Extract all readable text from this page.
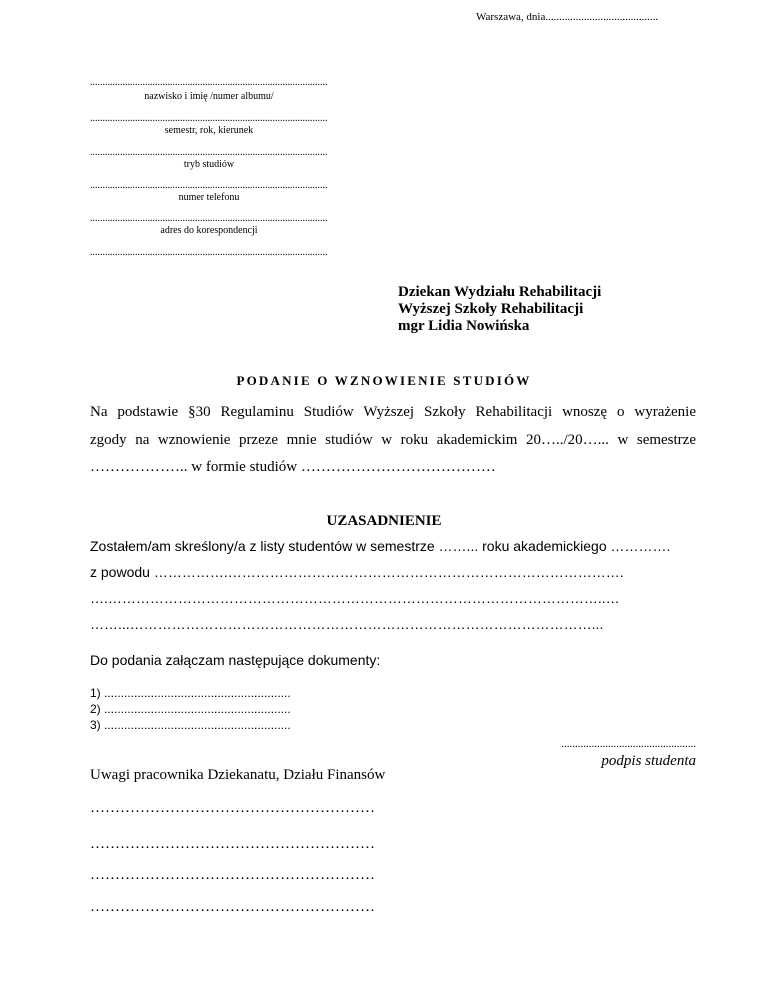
Warszawa, dnia.........................................
...............................................................................................
nazwisko i imię /numer albumu/
...............................................................................................
semestr, rok, kierunek
...............................................................................................
tryb studiów
...............................................................................................
numer telefonu
...............................................................................................
adres do korespondencji
...............................................................................................
Dziekan Wydziału Rehabilitacji
Wyższej Szkoły Rehabilitacji
mgr Lidia Nowińska
PODANIE O WZNOWIENIE STUDIÓW
Na podstawie §30 Regulaminu Studiów Wyższej Szkoły Rehabilitacji wnoszę o wyrażenie
zgody na wznowienie przeze mnie studiów w roku akademickim 20…../20…... w semestrze
……………….. w formie studiów …………………………………
UZASADNIENIE
Zostałem/am skreślony/a z listy studentów w semestrze ……... roku akademickiego ………….
z powodu …………….………………………………………………………………………….
….……………………………………………………………………………………………..…
……...………………………………………………………………………………………...
Do podania załączam następujące dokumenty:
1) ........................................................
2) ........................................................
3) ........................................................
.................................................
podpis studenta
Uwagi pracownika Dziekanatu, Działu Finansów
…………………………………………………
…………………………………………………
…………………………………………………
…………………………………………………
